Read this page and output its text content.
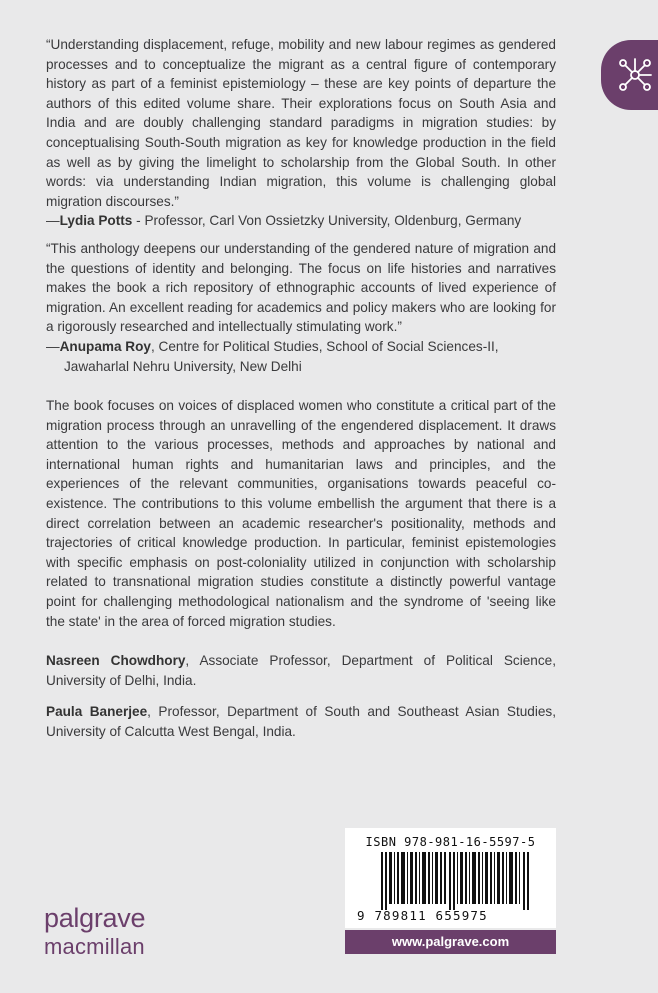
“Understanding displacement, refuge, mobility and new labour regimes as gendered processes and to conceptualize the migrant as a central figure of contemporary history as part of a feminist epistemiology – these are key points of departure the authors of this edited volume share. Their explorations focus on South Asia and India and are doubly challenging standard paradigms in migration studies: by conceptualising South-South migration as key for knowledge production in the field as well as by giving the limelight to scholarship from the Global South. In other words: via understanding Indian migration, this volume is challenging global migration discourses.”

—Lydia Potts - Professor, Carl Von Ossietzky University, Oldenburg, Germany

“This anthology deepens our understanding of the gendered nature of migration and the questions of identity and belonging. The focus on life histories and narratives makes the book a rich repository of ethnographic accounts of lived experience of migration. An excellent reading for academics and policy makers who are looking for a rigorously researched and intellectually stimulating work.”

—Anupama Roy, Centre for Political Studies, School of Social Sciences-II,

Jawaharlal Nehru University, New Delhi

The book focuses on voices of displaced women who constitute a critical part of the migration process through an unravelling of the engendered displacement. It draws attention to the various processes, methods and approaches by national and international human rights and humanitarian laws and principles, and the experiences of the relevant communities, organisations towards peaceful co-existence. The contributions to this volume embellish the argument that there is a direct correlation between an academic researcher's positionality, methods and trajectories of critical knowledge production. In particular, feminist epistemologies with specific emphasis on post-coloniality utilized in conjunction with scholarship related to transnational migration studies constitute a distinctly powerful vantage point for challenging methodological nationalism and the syndrome of 'seeing like the state' in the area of forced migration studies.
Nasreen Chowdhory, Associate Professor, Department of Political Science, University of Delhi, India.
Paula Banerjee, Professor, Department of South and Southeast Asian Studies, University of Calcutta West Bengal, India.
ISBN 978-981-16-5597-5
9 789811 655975
www.palgrave.com
palgrave
macmillan
